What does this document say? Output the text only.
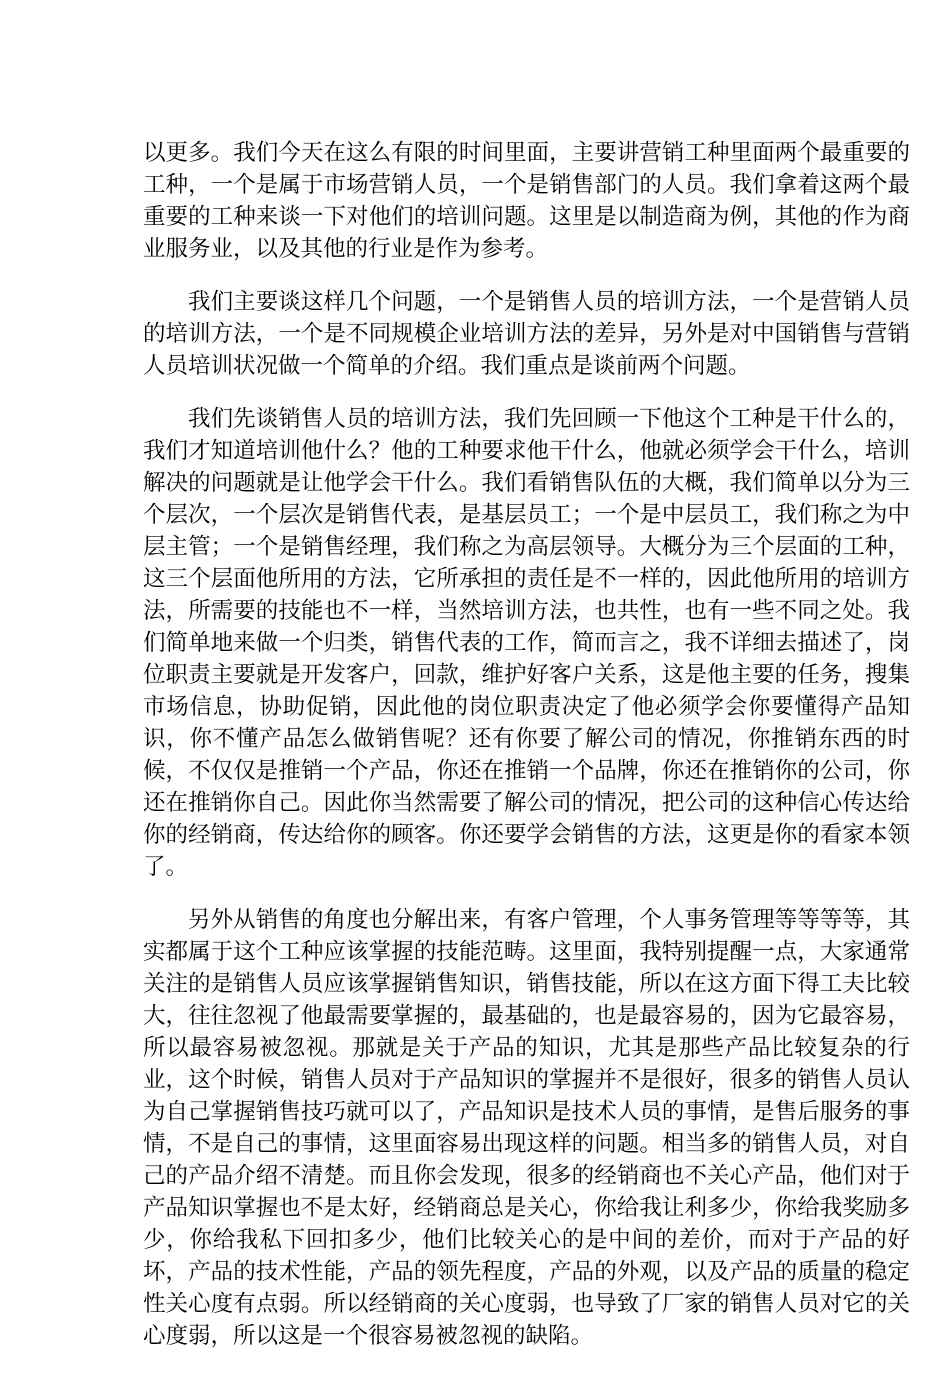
以更多。我们今天在这么有限的时间里面，主要讲营销工种里面两个最重要的工种，一个是属于市场营销人员，一个是销售部门的人员。我们拿着这两个最重要的工种来谈一下对他们的培训问题。这里是以制造商为例，其他的作为商业服务业，以及其他的行业是作为参考。

我们主要谈这样几个问题，一个是销售人员的培训方法，一个是营销人员的培训方法，一个是不同规模企业培训方法的差异，另外是对中国销售与营销人员培训状况做一个简单的介绍。我们重点是谈前两个问题。

我们先谈销售人员的培训方法，我们先回顾一下他这个工种是干什么的，我们才知道培训他什么？他的工种要求他干什么，他就必须学会干什么，培训解决的问题就是让他学会干什么。我们看销售队伍的大概，我们简单以分为三个层次，一个层次是销售代表，是基层员工；一个是中层员工，我们称之为中层主管；一个是销售经理，我们称之为高层领导。大概分为三个层面的工种，这三个层面他所用的方法，它所承担的责任是不一样的，因此他所用的培训方法，所需要的技能也不一样，当然培训方法，也共性，也有一些不同之处。我们简单地来做一个归类，销售代表的工作，简而言之，我不详细去描述了，岗位职责主要就是开发客户，回款，维护好客户关系，这是他主要的任务，搜集市场信息，协助促销，因此他的岗位职责决定了他必须学会你要懂得产品知识，你不懂产品怎么做销售呢？还有你要了解公司的情况，你推销东西的时候，不仅仅是推销一个产品，你还在推销一个品牌，你还在推销你的公司，你还在推销你自己。因此你当然需要了解公司的情况，把公司的这种信心传达给你的经销商，传达给你的顾客。你还要学会销售的方法，这更是你的看家本领了。

另外从销售的角度也分解出来，有客户管理，个人事务管理等等等等，其实都属于这个工种应该掌握的技能范畴。这里面，我特别提醒一点，大家通常关注的是销售人员应该掌握销售知识，销售技能，所以在这方面下得工夫比较大，往往忽视了他最需要掌握的，最基础的，也是最容易的，因为它最容易，所以最容易被忽视。那就是关于产品的知识，尤其是那些产品比较复杂的行业，这个时候，销售人员对于产品知识的掌握并不是很好，很多的销售人员认为自己掌握销售技巧就可以了，产品知识是技术人员的事情，是售后服务的事情，不是自己的事情，这里面容易出现这样的问题。相当多的销售人员，对自己的产品介绍不清楚。而且你会发现，很多的经销商也不关心产品，他们对于产品知识掌握也不是太好，经销商总是关心，你给我让利多少，你给我奖励多少，你给我私下回扣多少，他们比较关心的是中间的差价，而对于产品的好坏，产品的技术性能，产品的领先程度，产品的外观，以及产品的质量的稳定性关心度有点弱。所以经销商的关心度弱，也导致了厂家的销售人员对它的关心度弱，所以这是一个很容易被忽视的缺陷。
